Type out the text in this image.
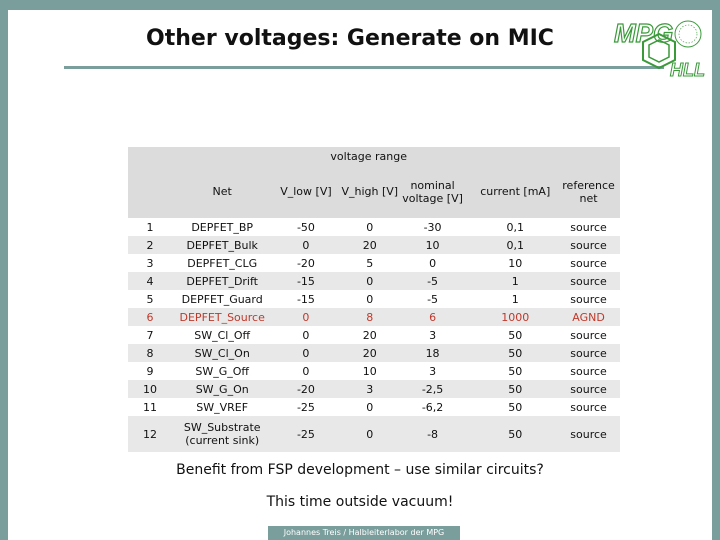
Other voltages: Generate on MIC	MPG
HLL
		voltage range					
	Net	V_low [V]	V_high [V]	nominal voltage [V]		current [mA]	reference net
1	DEPFET_BP	-50	0	-30		0,1	source
2	DEPFET_Bulk	0	20	10		0,1	source
3	DEPFET_CLG	-20	5	0		10	source
4	DEPFET_Drift	-15	0	-5		1	source
5	DEPFET_Guard	-15	0	-5		1	source
6	DEPFET_Source	0	8	6		1000	AGND
7	SW_Cl_Off	0	20	3		50	source
8	SW_Cl_On	0	20	18		50	source
9	SW_G_Off	0	10	3		50	source
10	SW_G_On	-20	3	-2,5		50	source
11	SW_VREF	-25	0	-6,2		50	source
12	SW_Substrate (current sink)	-25	0	-8		50	source
Benefit from FSP development – use similar circuits?
This time outside vacuum!
Johannes Treis / Halbleiterlabor der MPG
